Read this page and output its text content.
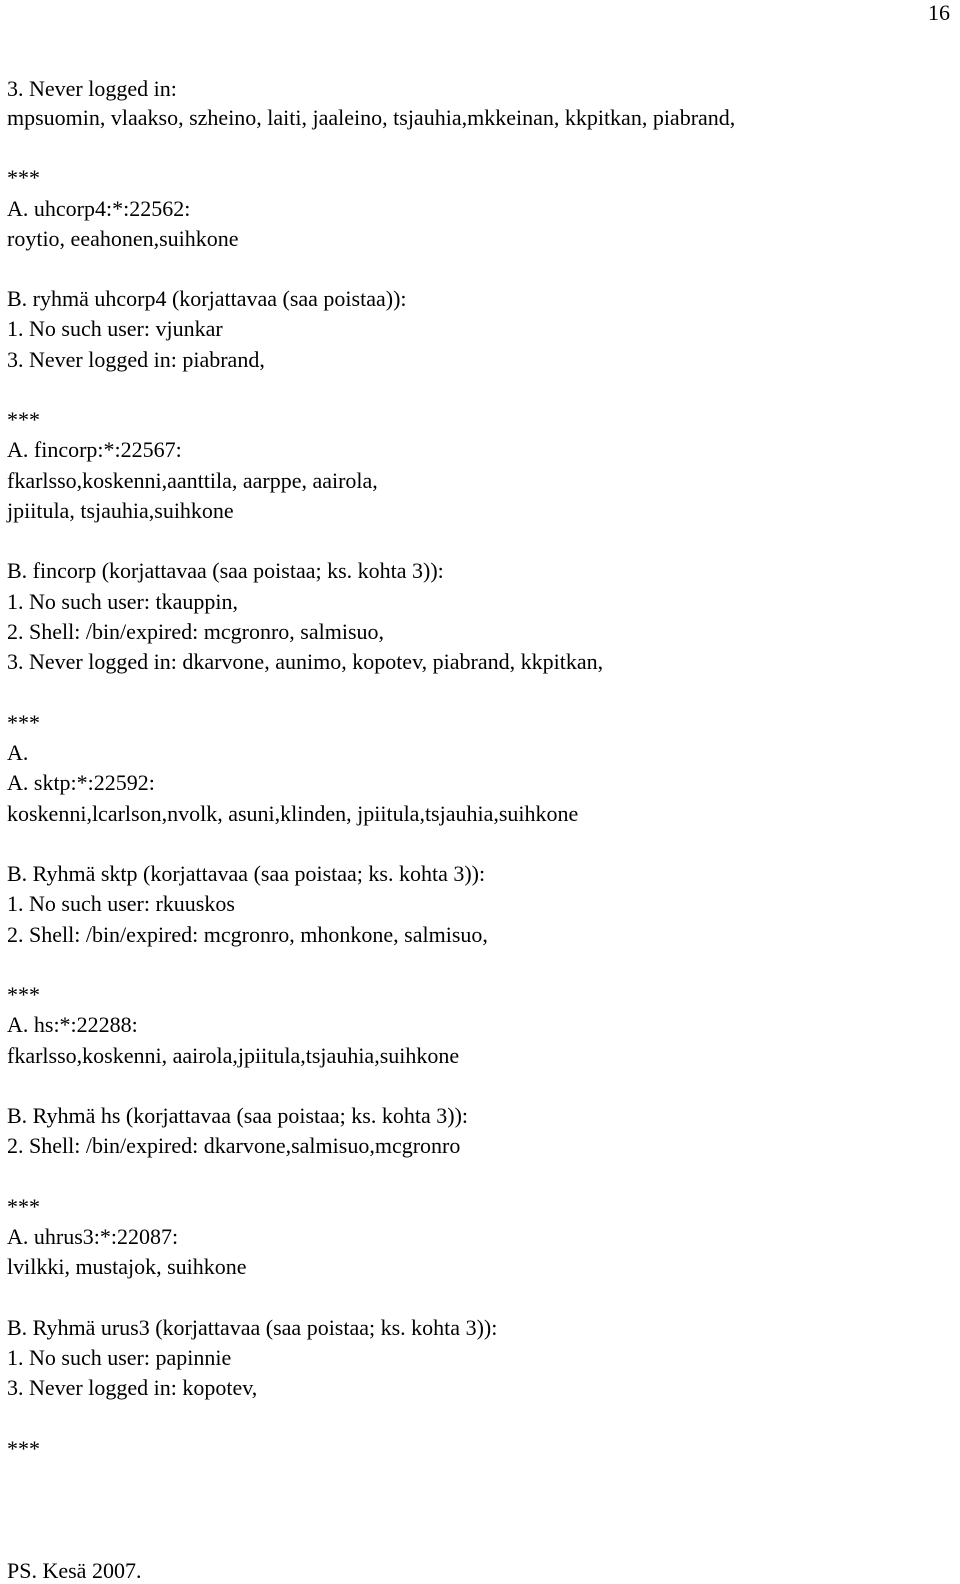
16
3. Never logged in:
mpsuomin, vlaakso, szheino, laiti, jaaleino, tsjauhia,mkkeinan, kkpitkan, piabrand,
***
A. uhcorp4:*:22562:
roytio, eeahonen,suihkone
B. ryhmä uhcorp4 (korjattavaa (saa poistaa)):
1. No such user: vjunkar
3. Never logged in: piabrand,
***
A. fincorp:*:22567:
fkarlsso,koskenni,aanttila, aarppe, aairola,
jpiitula, tsjauhia,suihkone
B. fincorp (korjattavaa (saa poistaa; ks. kohta 3)):
1. No such user: tkauppin,
2. Shell: /bin/expired: mcgronro, salmisuo,
3. Never logged in: dkarvone, aunimo, kopotev, piabrand, kkpitkan,
***
A.
A. sktp:*:22592:
koskenni,lcarlson,nvolk, asuni,klinden, jpiitula,tsjauhia,suihkone
B. Ryhmä sktp (korjattavaa (saa poistaa; ks. kohta 3)):
1. No such user: rkuuskos
2. Shell: /bin/expired: mcgronro, mhonkone, salmisuo,
***
A. hs:*:22288:
fkarlsso,koskenni, aairola,jpiitula,tsjauhia,suihkone
B. Ryhmä hs (korjattavaa (saa poistaa; ks. kohta 3)):
2. Shell: /bin/expired: dkarvone,salmisuo,mcgronro
***
A. uhrus3:*:22087:
lvilkki, mustajok, suihkone
B. Ryhmä urus3 (korjattavaa (saa poistaa; ks. kohta 3)):
1. No such user: papinnie
3. Never logged in: kopotev,
***
PS. Kesä 2007.
